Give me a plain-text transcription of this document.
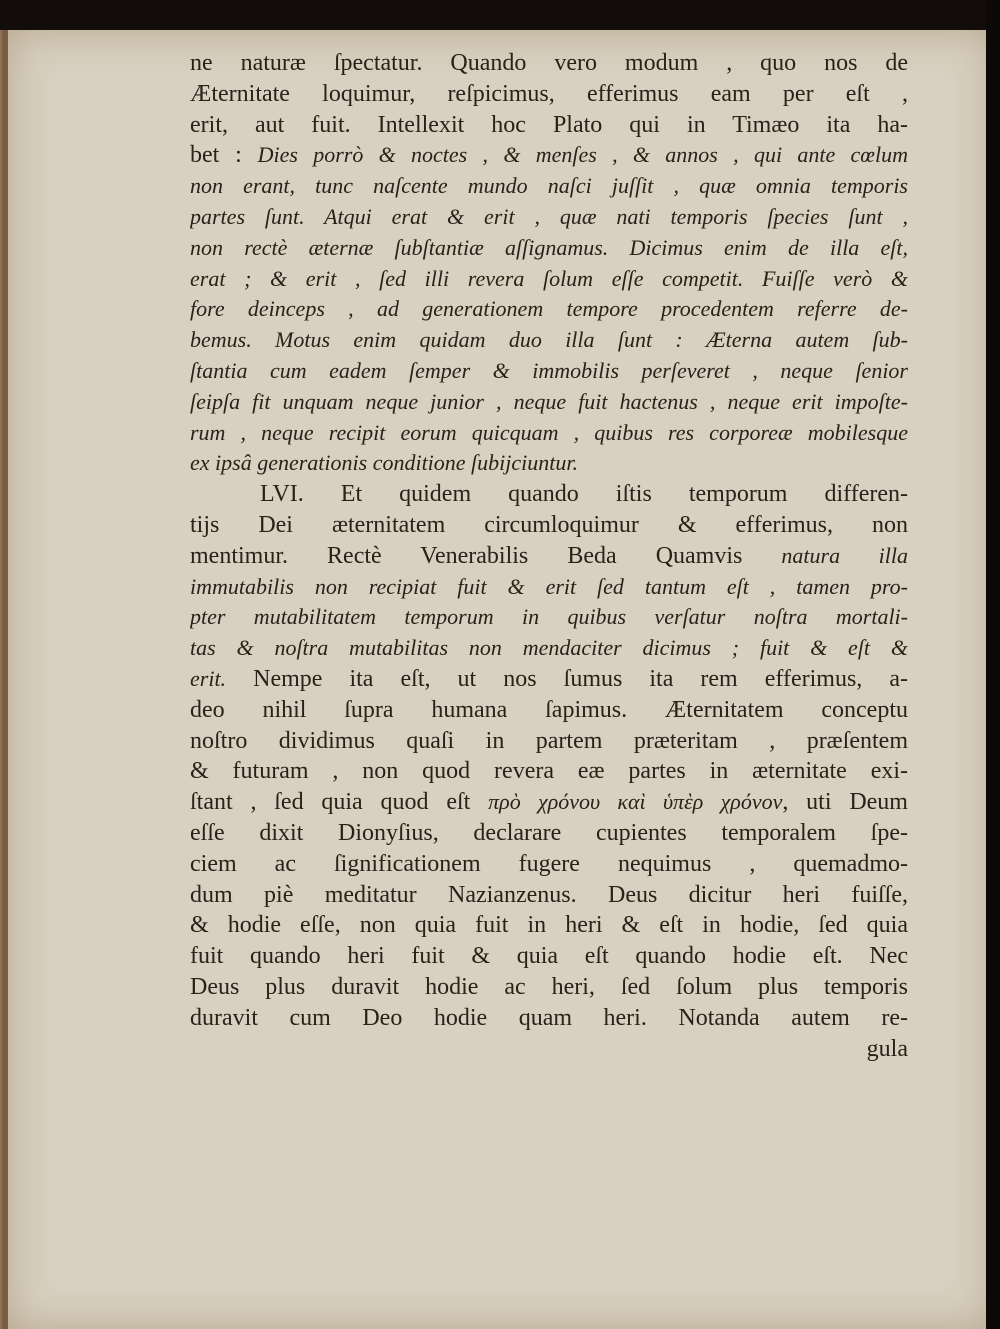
ne naturæ ſpectatur. Quando vero modum , quo nos de
Æternitate loquimur, reſpicimus, efferimus eam per eſt ,
erit, aut fuit. Intellexit hoc Plato qui in Timæo ita ha-
bet : Dies porrò & noctes , & menſes , & annos , qui ante cœlum
non erant, tunc naſcente mundo naſci juſſit , quæ omnia temporis
partes ſunt. Atqui erat & erit , quæ nati temporis ſpecies ſunt ,
non rectè æternæ ſubſtantiæ aſſignamus. Dicimus enim de illa eſt,
erat ; & erit , ſed illi revera ſolum eſſe competit. Fuiſſe verò &
fore deinceps , ad generationem tempore procedentem referre de-
bemus. Motus enim quidam duo illa ſunt : Æterna autem ſub-
ſtantia cum eadem ſemper & immobilis perſeveret , neque ſenior
ſeipſa fit unquam neque junior , neque fuit hactenus , neque erit impoſte-
rum , neque recipit eorum quicquam , quibus res corporeæ mobilesque
ex ipsâ generationis conditione ſubijciuntur.
LVI. Et quidem quando iſtis temporum differen-
tijs Dei æternitatem circumloquimur & efferimus, non
mentimur. Rectè Venerabilis Beda Quamvis natura illa
immutabilis non recipiat fuit & erit ſed tantum eſt , tamen pro-
pter mutabilitatem temporum in quibus verſatur noſtra mortali-
tas & noſtra mutabilitas non mendaciter dicimus ; fuit & eſt &
erit. Nempe ita eſt, ut nos ſumus ita rem efferimus, a-
deo nihil ſupra humana ſapimus. Æternitatem conceptu
noſtro dividimus quaſi in partem præteritam , præſentem
& futuram , non quod revera eæ partes in æternitate exi-
ſtant , ſed quia quod eſt πρὸ χρόνου καὶ ὑπὲρ χρόνον, uti Deum
eſſe dixit Dionyſius, declarare cupientes temporalem ſpe-
ciem ac ſignificationem fugere nequimus , quemadmo-
dum piè meditatur Nazianzenus. Deus dicitur heri fuiſſe,
& hodie eſſe, non quia fuit in heri & eſt in hodie, ſed quia
fuit quando heri fuit & quia eſt quando hodie eſt. Nec
Deus plus duravit hodie ac heri, ſed ſolum plus temporis
duravit cum Deo hodie quam heri. Notanda autem re-
gula
